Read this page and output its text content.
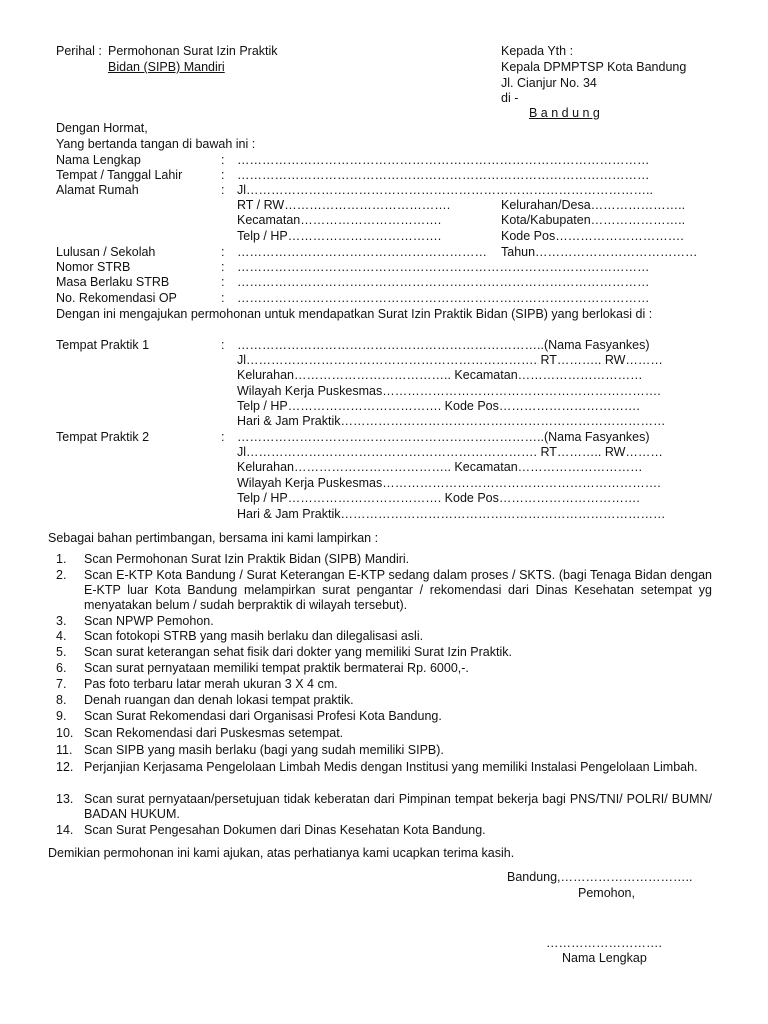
Perihal : Permohonan Surat Izin Praktik
Bidan (SIPB) Mandiri
Kepada Yth :
Kepala DPMPTSP Kota Bandung
Jl. Cianjur No. 34
di -
B a n d u n g
Dengan Hormat,
Yang bertanda tangan di bawah ini :
Nama Lengkap	: ………………………………………………………………………………………
Tempat / Tanggal Lahir	: ………………………………………………………………………………………
Alamat Rumah	: Jl……………………………………………………………………………………..
RT / RW………………………………….	Kelurahan/Desa…………………..
Kecamatan…………………………….	Kota/Kabupaten…………………..
Telp / HP……………………………….	Kode Pos………………………….
Lulusan / Sekolah	: …………………………………………………… Tahun…………………………………
Nomor STRB	: ………………………………………………………………………………………
Masa Berlaku STRB	: ………………………………………………………………………………………
No. Rekomendasi OP	: ………………………………………………………………………………………
Dengan ini mengajukan permohonan untuk mendapatkan Surat Izin Praktik Bidan (SIPB) yang berlokasi di :
Tempat Praktik 1	: ………………………………………………………………..(Nama Fasyankes)
Jl……………………………………………………………. RT……….. RW………
Kelurahan……………………………….. Kecamatan…………………………
Wilayah Kerja Puskesmas………………………………………………………….
Telp / HP………………………………. Kode Pos…………………………….
Hari & Jam Praktik……………………………………………………………………
Tempat Praktik 2	: ………………………………………………………………..(Nama Fasyankes)
Jl……………………………………………………………. RT……….. RW………
Kelurahan……………………………….. Kecamatan…………………………
Wilayah Kerja Puskesmas………………………………………………………….
Telp / HP………………………………. Kode Pos…………………………….
Hari & Jam Praktik……………………………………………………………………
Sebagai bahan pertimbangan, bersama ini kami lampirkan :
1. Scan Permohonan Surat Izin Praktik Bidan (SIPB) Mandiri.
2. Scan E-KTP Kota Bandung / Surat Keterangan E-KTP sedang dalam proses / SKTS. (bagi Tenaga Bidan dengan E-KTP luar Kota Bandung melampirkan surat pengantar / rekomendasi dari Dinas Kesehatan setempat yg menyatakan belum / sudah berpraktik di wilayah tersebut).
3. Scan NPWP Pemohon.
4. Scan fotokopi STRB yang masih berlaku dan dilegalisasi asli.
5. Scan surat keterangan sehat fisik dari dokter yang memiliki Surat Izin Praktik.
6. Scan surat pernyataan memiliki tempat praktik bermaterai Rp. 6000,-.
7. Pas foto terbaru latar merah ukuran 3 X 4 cm.
8. Denah ruangan dan denah lokasi tempat praktik.
9. Scan Surat Rekomendasi dari Organisasi Profesi Kota Bandung.
10. Scan Rekomendasi dari Puskesmas setempat.
11. Scan SIPB yang masih berlaku (bagi yang sudah memiliki SIPB).
12. Perjanjian Kerjasama Pengelolaan Limbah Medis dengan Institusi yang memiliki Instalasi Pengelolaan Limbah.
13. Scan surat pernyataan/persetujuan tidak keberatan dari Pimpinan tempat bekerja bagi PNS/TNI/ POLRI/ BUMN/ BADAN HUKUM.
14. Scan Surat Pengesahan Dokumen dari Dinas Kesehatan Kota Bandung.
Demikian permohonan ini kami ajukan, atas perhatianya kami ucapkan terima kasih.
Bandung,…………………………..
Pemohon,
……………………….
Nama Lengkap
